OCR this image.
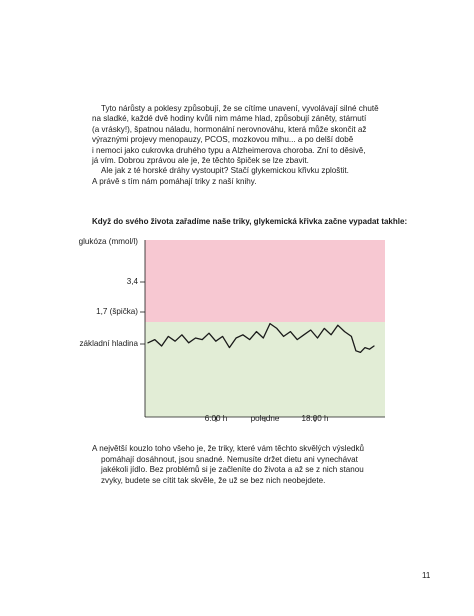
Tyto nárůsty a poklesy způsobují, že se cítíme unavení, vyvolávají silné chutě
na sladké, každé dvě hodiny kvůli nim máme hlad, způsobují záněty, stárnutí
(a vrásky!), špatnou náladu, hormonální nerovnováhu, která může skončit až
výraznými projevy menopauzy, PCOS, mozkovou mlhu... a po delší době
i nemoci jako cukrovka druhého typu a Alzheimerova choroba. Zní to děsivě,
já vím. Dobrou zprávou ale je, že těchto špiček se lze zbavit.
Ale jak z té horské dráhy vystoupit? Stačí glykemickou křivku zploštit.
A právě s tím nám pomáhají triky z naší knihy.
Když do svého života zařadíme naše triky, glykemická křivka začne vypadat takhle:
glukóza (mmol/l)
3,4
1,7 (špička)
základní hladina
6:00 h	poledne	18:00 h
A největší kouzlo toho všeho je, že triky, které vám těchto skvělých výsledků
pomáhají dosáhnout, jsou snadné. Nemusíte držet dietu ani vynechávat
jakékoli jídlo. Bez problémů si je začleníte do života a až se z nich stanou
zvyky, budete se cítit tak skvěle, že už se bez nich neobejdete.
11
